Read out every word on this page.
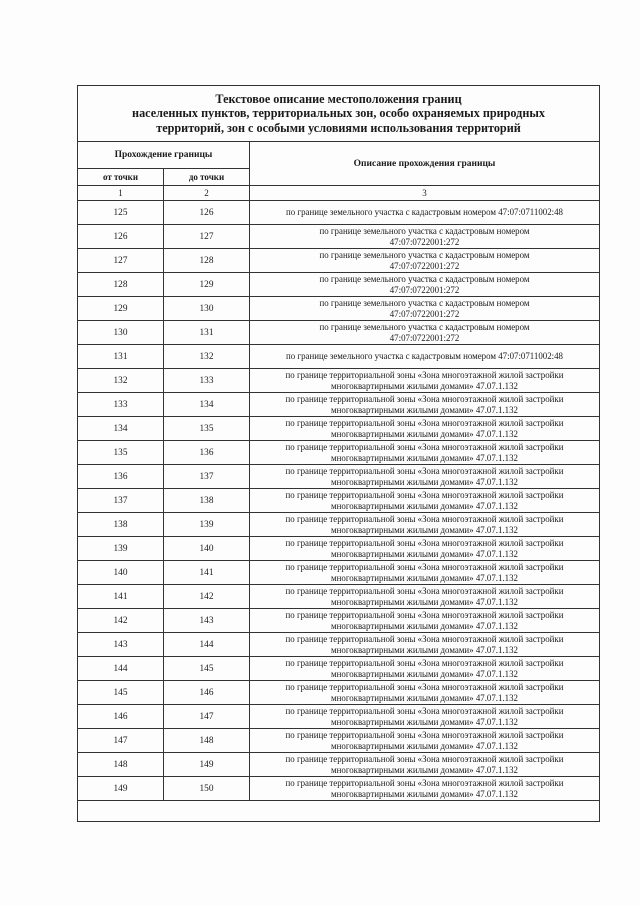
Текстовое описание местоположения границ
населенных пунктов, территориальных зон, особо охраняемых природных
территорий, зон с особыми условиями использования территорий		

Прохождение границы		Описание прохождения границы
от точки	до точки	
1	2	3
125	126	по границе земельного участка с кадастровым номером 47:07:0711002:48

126	127	по границе земельного участка с кадастровым номером
47:07:0722001:272

127	128	по границе земельного участка с кадастровым номером
47:07:0722001:272

128	129	по границе земельного участка с кадастровым номером
47:07:0722001:272

129	130	по границе земельного участка с кадастровым номером
47:07:0722001:272

130	131	по границе земельного участка с кадастровым номером
47:07:0722001:272

131	132	по границе земельного участка с кадастровым номером 47:07:0711002:48

132	133	по границе территориальной зоны «Зона многоэтажной жилой застройки
многоквартирными жилыми домами» 47.07.1.132

133	134	по границе территориальной зоны «Зона многоэтажной жилой застройки
многоквартирными жилыми домами» 47.07.1.132

134	135	по границе территориальной зоны «Зона многоэтажной жилой застройки
многоквартирными жилыми домами» 47.07.1.132

135	136	по границе территориальной зоны «Зона многоэтажной жилой застройки
многоквартирными жилыми домами» 47.07.1.132

136	137	по границе территориальной зоны «Зона многоэтажной жилой застройки
многоквартирными жилыми домами» 47.07.1.132

137	138	по границе территориальной зоны «Зона многоэтажной жилой застройки
многоквартирными жилыми домами» 47.07.1.132

138	139	по границе территориальной зоны «Зона многоэтажной жилой застройки
многоквартирными жилыми домами» 47.07.1.132

139	140	по границе территориальной зоны «Зона многоэтажной жилой застройки
многоквартирными жилыми домами» 47.07.1.132

140	141	по границе территориальной зоны «Зона многоэтажной жилой застройки
многоквартирными жилыми домами» 47.07.1.132

141	142	по границе территориальной зоны «Зона многоэтажной жилой застройки
многоквартирными жилыми домами» 47.07.1.132

142	143	по границе территориальной зоны «Зона многоэтажной жилой застройки
многоквартирными жилыми домами» 47.07.1.132

143	144	по границе территориальной зоны «Зона многоэтажной жилой застройки
многоквартирными жилыми домами» 47.07.1.132

144	145	по границе территориальной зоны «Зона многоэтажной жилой застройки
многоквартирными жилыми домами» 47.07.1.132

145	146	по границе территориальной зоны «Зона многоэтажной жилой застройки
многоквартирными жилыми домами» 47.07.1.132

146	147	по границе территориальной зоны «Зона многоэтажной жилой застройки
многоквартирными жилыми домами» 47.07.1.132

147	148	по границе территориальной зоны «Зона многоэтажной жилой застройки
многоквартирными жилыми домами» 47.07.1.132

148	149	по границе территориальной зоны «Зона многоэтажной жилой застройки
многоквартирными жилыми домами» 47.07.1.132

149	150	по границе территориальной зоны «Зона многоэтажной жилой застройки
многоквартирными жилыми домами» 47.07.1.132
